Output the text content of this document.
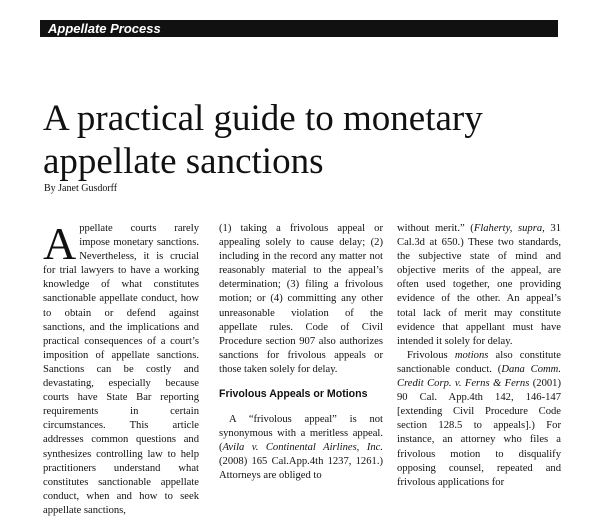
Appellate Process
A practical guide to monetary appellate sanctions
By Janet Gusdorff

Appellate courts rarely impose monetary sanctions. Nevertheless, it is crucial for trial lawyers to have a working knowledge of what constitutes sanctionable appellate conduct, how to obtain or defend against sanctions, and the implications and practical consequences of a court’s imposition of appellate sanctions. Sanctions can be costly and devastating, especially because courts have State Bar reporting requirements in certain circumstances. This article addresses common questions and synthesizes controlling law to help practitioners understand what constitutes sanctionable appellate conduct, when and how to seek appellate sanctions,

(1) taking a frivolous appeal or appealing solely to cause delay; (2) including in the record any matter not reasonably material to the appeal’s determination; (3) filing a frivolous motion; or (4) committing any other unreasonable violation of the appellate rules. Code of Civil Procedure section 907 also authorizes sanctions for frivolous appeals or those taken solely for delay.

Frivolous Appeals or Motions

A “frivolous appeal” is not synonymous with a meritless appeal. (Avila v. Continental Airlines, Inc. (2008) 165 Cal.App.4th 1237, 1261.) Attorneys are obliged to

without merit.” (Flaherty, supra, 31 Cal.3d at 650.) These two standards, the subjective state of mind and objective merits of the appeal, are often used together, one providing evidence of the other. An appeal’s total lack of merit may constitute evidence that appellant must have intended it solely for delay.

Frivolous motions also constitute sanctionable conduct. (Dana Comm. Credit Corp. v. Ferns & Ferns (2001) 90 Cal. App.4th 142, 146-147 [extending Civil Procedure Code section 128.5 to appeals].) For instance, an attorney who files a frivolous motion to disqualify opposing counsel, repeated and frivolous applications for
